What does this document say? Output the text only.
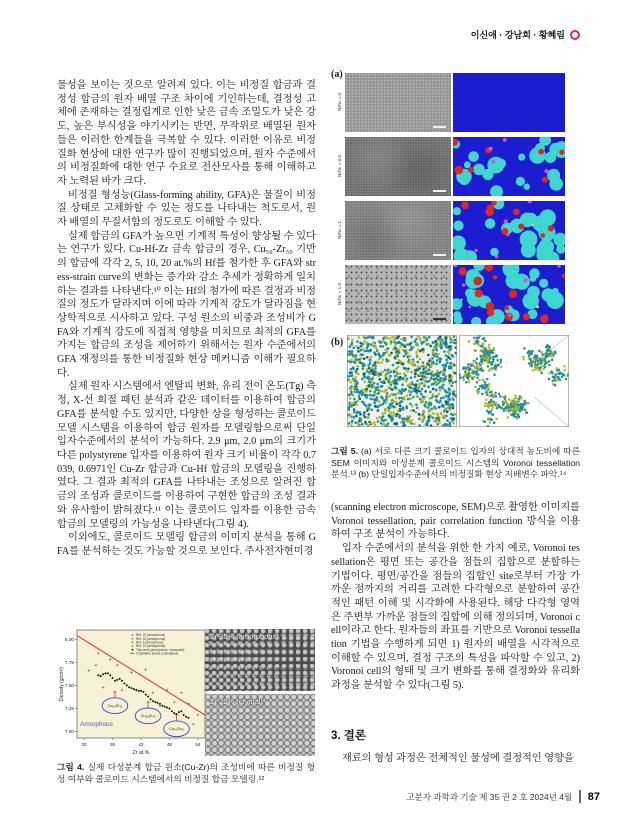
이신애 · 강남희 · 황혜림

물성을 보이는 것으로 알려져 있다. 이는 비정질 합금과 결정성 합금의 원자 배열 구조 차이에 기인하는데, 결정성 고체에 존재하는 결정립계로 인한 낮은 금속 조밀도가 낮은 강도, 높은 부식성을 야기시키는 반면, 무작위로 배열된 원자들은 이러한 한계들을 극복할 수 있다. 이러한 이유로 비정질화 현상에 대한 연구가 많이 진행되었으며, 원자 수준에서의 비정질화에 대한 연구 수요로 전산모사를 통해 이해하고자 노력된 바가 크다.

비정질 형성능(Glass-forming ability, GFA)은 물질이 비정질 상태로 고체화할 수 있는 정도를 나타내는 척도로서, 원자 배열의 무질서함의 정도로도 이해할 수 있다.

실제 합금의 GFA가 높으면 기계적 특성이 향상될 수 있다는 연구가 있다. Cu-Hf-Zr 금속 합금의 경우, Cu₅₀-Zr₅₀ 기반의 합금에 각각 2, 5, 10, 20 at.%의 Hf를 첨가한 후 GFA와 stress-strain curve의 변화는 증가와 감소 추세가 정확하게 일치하는 결과를 나타낸다.¹⁰ 이는 Hf의 첨가에 따른 결정과 비정질의 정도가 달라지며 이에 따라 기계적 강도가 달라짐을 현상학적으로 시사하고 있다. 구성 원소의 비중과 조성비가 GFA와 기계적 강도에 직접적 영향을 미치므로 최적의 GFA를 가지는 합금의 조성을 제어하기 위해서는 원자 수준에서의 GFA 재정의를 통한 비정질화 현상 메커니즘 이해가 필요하다.

실제 원자 시스템에서 엔탈피 변화, 유리 전이 온도(Tg) 측정, X-선 회절 패턴 분석과 같은 데이터를 이용하여 합금의 GFA를 분석할 수도 있지만, 다양한 상을 형성하는 콜로이드 모델 시스템을 이용하여 합금 원자를 모델링함으로써 단일 입자수준에서의 분석이 가능하다. 2.9 μm, 2.0 μm의 크기가 다른 polystyrene 입자를 이용하여 원자 크기 비율이 각각 0.7039, 0.6971인 Cu-Zr 합금과 Cu-Hf 합금의 모델링을 진행하였다. 그 결과 최적의 GFA를 나타내는 조성으로 알려진 합금의 조성과 콜로이드를 이용하여 구현한 합금의 조성 결과와 유사함이 밝혀졌다.¹¹ 이는 콜로이드 입자를 이용한 금속 합금의 모델링의 가능성을 나타낸다(그림 4).

이외에도, 콜로이드 모델링 합금의 이미지 분석을 통해 GFA를 분석하는 것도 가능할 것으로 보인다. 주사전자현미경

8.00
7.75
7.50
7.25
7.00
30	36	42	48	54
Zr at.%
Density (g/cm³)
Cu₆₄Zr₃₆
Cu₅₆Zr₄₄
Cu₅₀Zr₅₀
Amorphous
Ref. 20 (amorphous)
Ref. 30 (amorphous)
Ref. 9 (amorphous)
Ref. 22 (amorphous)
This work (amorphous, measured)
Crystalline phase (calculated)
Zr 35% (amorphous)
Zr 22% (crystal)
그림 4. 실제 다성분계 합금 원소(Cu-Zr)의 조성비에 따른 비정질 형성 여부와 콜로이드 시스템에서의 비정질 합금 모델링.¹²
(a)
Nₗ/Nₛ = 0
Nₗ/Nₛ = 0.5
Nₗ/Nₛ = 1
Nₗ/Nₛ = 1.5
(b)
그림 5. (a) 서로 다른 크기 콜로이드 입자의 상대적 농도비에 따른 SEM 이미지와 이성분계 콜로이드 시스템의 Voronoi tessellation 분석.¹³ (b) 단일입자수준에서의 비정질화 현상 지배변수 파악.¹⁴

(scanning electron microscope, SEM)으로 촬영한 이미지를 Voronoi tessellation, pair correlation function 방식을 이용하여 구조 분석이 가능하다.

입자 수준에서의 분석을 위한 한 가지 예로, Voronoi tessellation은 평면 또는 공간을 점들의 집합으로 분할하는 기법이다. 평면/공간을 점들의 집합인 site로부터 가장 가까운 점까지의 거리를 고려한 다각형으로 분할하여 공간적인 패턴 이해 및 시각화에 사용된다. 해당 다각형 영역은 주변부 가까운 점들의 집합에 의해 정의되며, Voronoi cell이라고 한다. 원자들의 좌표를 기반으로 Voronoi tessellation 기법을 수행하게 되면 1) 원자의 배열을 시각적으로 이해할 수 있으며, 결정 구조의 특성을 파악할 수 있고, 2) Voronoi cell의 형태 및 크기 변화를 통해 결정화와 유리화 과정을 분석할 수 있다(그림 5).

3. 결론

재료의 형성 과정은 전체적인 물성에 결정적인 영향을

고분자 과학과 기술 제 35 권 2 호 2024년 4월 87
